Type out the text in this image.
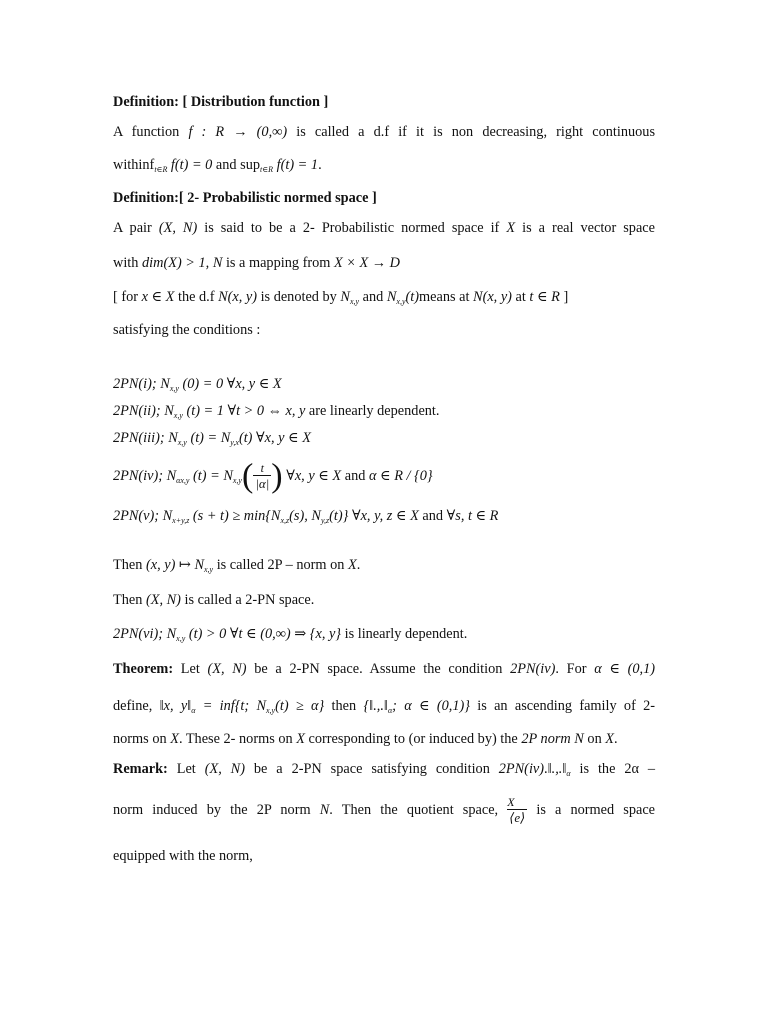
Definition: [ Distribution function ]
A function f : R → (0,∞) is called a d.f if it is non decreasing, right continuous
withinf$_{t\in R}$ f(t) = 0 and sup$_{t\in R}$ f(t) = 1.
Definition:[ 2- Probabilistic normed space ]
A pair (X, N) is said to be a 2- Probabilistic normed space if X is a real vector space
with dim(X) > 1, N is a mapping from X × X → D
[ for x ∈ X the d.f N(x, y) is denoted by $N_{x,y}$ and $N_{x,y}(t)means$ at N(x, y) at t ∈ R ]
satisfying the conditions :
2PN(i); $N_{x,y}$ (0) = 0 ∀x, y ∈ X
2PN(ii); $N_{x,y}$ (t) = 1 ∀t > 0 ⇔ x, y are linearly dependent.
2PN(iii); $N_{x,y}$ $(t) = N_{y,x}(t)$ ∀x, y ∈ X
2PN(iv); $N_{\alpha x,y}$ $(t) = N_{x,y}( \frac{t}{|\alpha|}$ ) ∀x, y ∈ X and α ∈ R / {0}
2PN(v); $N_{x+y,z}$ $(s + t) \ge \min\{N_{x,z}(s)$, $N_{y,z}(t)$} ∀x, y, z ∈ X and ∀s, t ∈ R
Then (x, y) ↦ $N_{x,y}$ is called 2P – norm on X.
Then (X, N) is called a 2-PN space.
2PN(vi); $N_{x,y}$ (t) > 0 ∀t ∈ (0,∞) ⇒ {x, y} is linearly dependent.
Theorem: Let (X, N) be a 2-PN space. Assume the condition 2PN(iv). For α ∈ (0,1)
define, ‖x, $y‖_\alpha = inf\{t$; $N_{x,y}(t) \ge \alpha$} then {$‖.,.‖_\alpha$; α ∈ (0,1)} is an ascending family of 2-
norms on X. These 2- norms on X corresponding to (or induced by) the 2P norm N on X.
Remark: Let (X, N) be a 2-PN space satisfying condition $2PN(iv).‖.,.‖_\alpha$ is the 2α –
norm induced by the 2P norm N. Then the quotient space, $\frac{X}{⟨e⟩}$ is a normed space
equipped with the norm,
